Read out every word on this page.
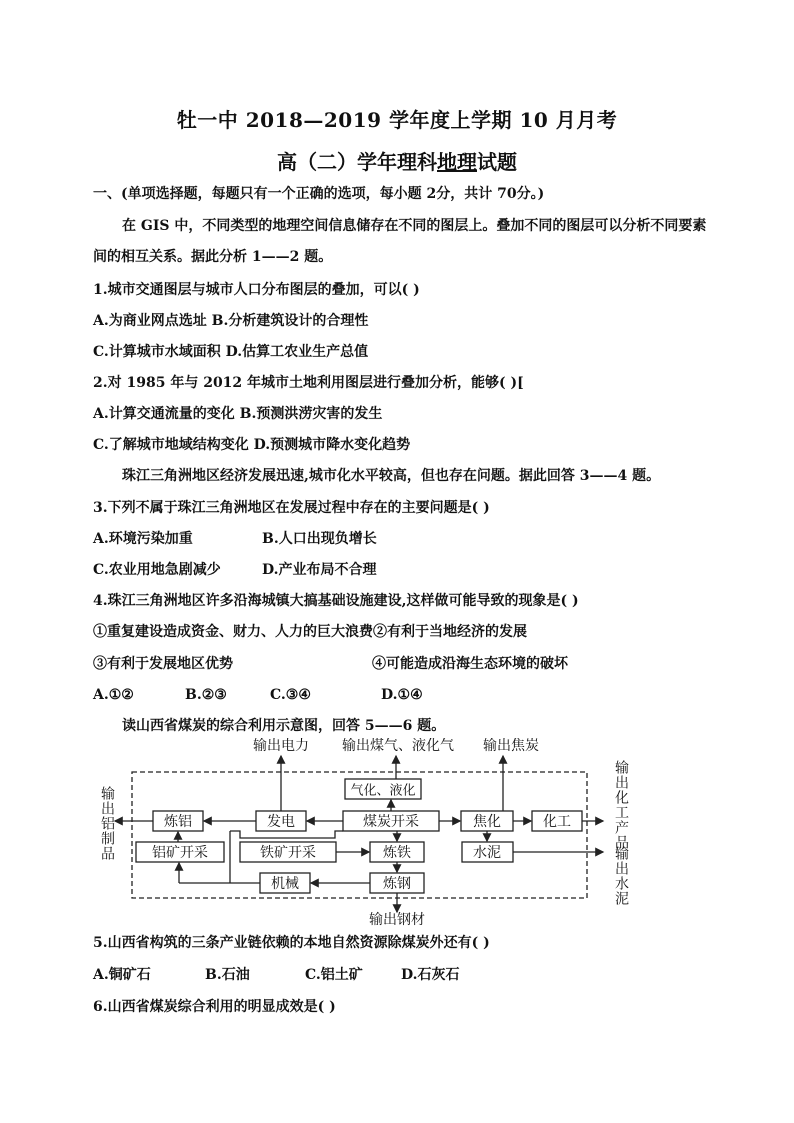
牡一中 2018—2019 学年度上学期 10 月月考
高（二）学年理科地理试题
一、(单项选择题，每题只有一个正确的选项，每小题 2分，共计 70分。)
在 GIS 中，不同类型的地理空间信息储存在不同的图层上。叠加不同的图层可以分析不同要素
间的相互关系。据此分析 1——2 题。
1.城市交通图层与城市人口分布图层的叠加，可以( )
A.为商业网点选址 B.分析建筑设计的合理性
C.计算城市水域面积 D.估算工农业生产总值
2.对 1985 年与 2012 年城市土地利用图层进行叠加分析，能够( )[
A.计算交通流量的变化 B.预测洪涝灾害的发生
C.了解城市地域结构变化 D.预测城市降水变化趋势
珠江三角洲地区经济发展迅速,城市化水平较高，但也存在问题。据此回答 3——4 题。
3.下列不属于珠江三角洲地区在发展过程中存在的主要问题是( )
A.环境污染加重	B.人口出现负增长
C.农业用地急剧减少	D.产业布局不合理
4.珠江三角洲地区许多沿海城镇大搞基础设施建设,这样做可能导致的现象是( )
①重复建设造成资金、财力、人力的巨大浪费②有利于当地经济的发展
③有利于发展地区优势	④可能造成沿海生态环境的破坏
A.①②	B.②③	C.③④	D.①④
读山西省煤炭的综合利用示意图，回答 5——6 题。
气化、液化
炼铝	发电	煤炭开采	焦化	化工
铝矿开采	铁矿开采	炼铁	水泥
机械	炼钢
输出电力 输出煤气、液化气 输出焦炭
输出钢材
输出铝制品	输出化工产品
输出水泥
5.山西省构筑的三条产业链依赖的本地自然资源除煤炭外还有( )
A.铜矿石	B.石油	C.铝土矿	D.石灰石
6.山西省煤炭综合利用的明显成效是( )
